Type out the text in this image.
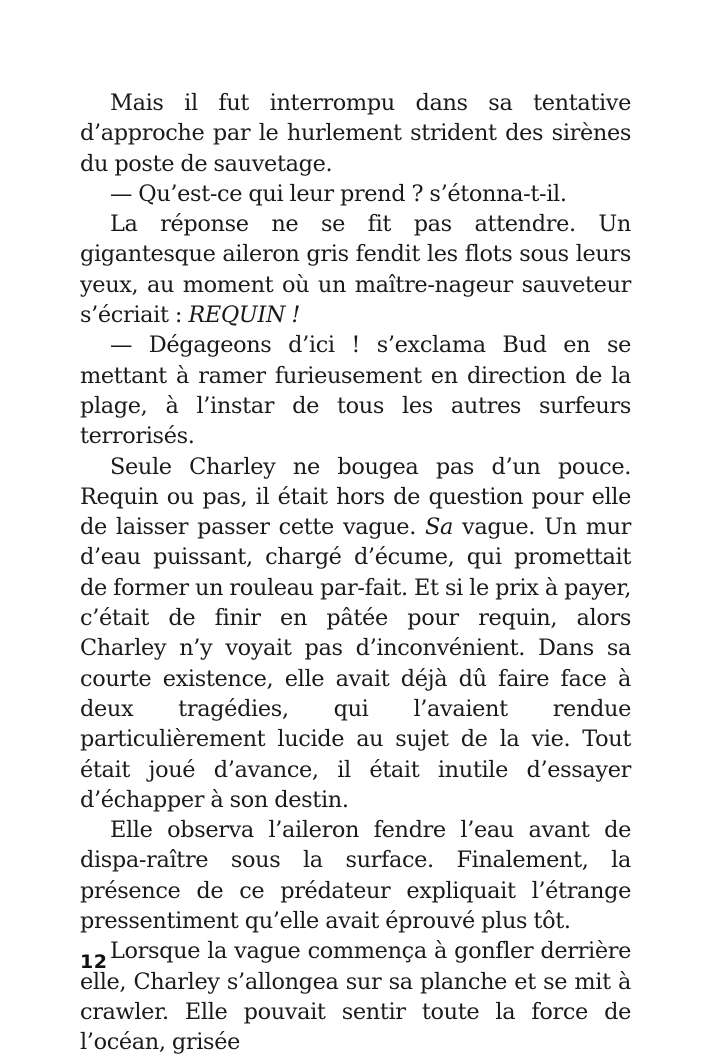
Mais il fut interrompu dans sa tentative d’approche par le hurlement strident des sirènes du poste de sauvetage.

— Qu’est-ce qui leur prend ? s’étonna-t-il.

La réponse ne se fit pas attendre. Un gigantesque aileron gris fendit les flots sous leurs yeux, au moment où un maître-nageur sauveteur s’écriait : REQUIN !

— Dégageons d’ici ! s’exclama Bud en se mettant à ramer furieusement en direction de la plage, à l’instar de tous les autres surfeurs terrorisés.

Seule Charley ne bougea pas d’un pouce. Requin ou pas, il était hors de question pour elle de laisser passer cette vague. Sa vague. Un mur d’eau puissant, chargé d’écume, qui promettait de former un rouleau par-fait. Et si le prix à payer, c’était de finir en pâtée pour requin, alors Charley n’y voyait pas d’inconvénient. Dans sa courte existence, elle avait déjà dû faire face à deux tragédies, qui l’avaient rendue particulièrement lucide au sujet de la vie. Tout était joué d’avance, il était inutile d’essayer d’échapper à son destin.

Elle observa l’aileron fendre l’eau avant de dispa-raître sous la surface. Finalement, la présence de ce prédateur expliquait l’étrange pressentiment qu’elle avait éprouvé plus tôt.

Lorsque la vague commença à gonfler derrière elle, Charley s’allongea sur sa planche et se mit à crawler. Elle pouvait sentir toute la force de l’océan, grisée

12
